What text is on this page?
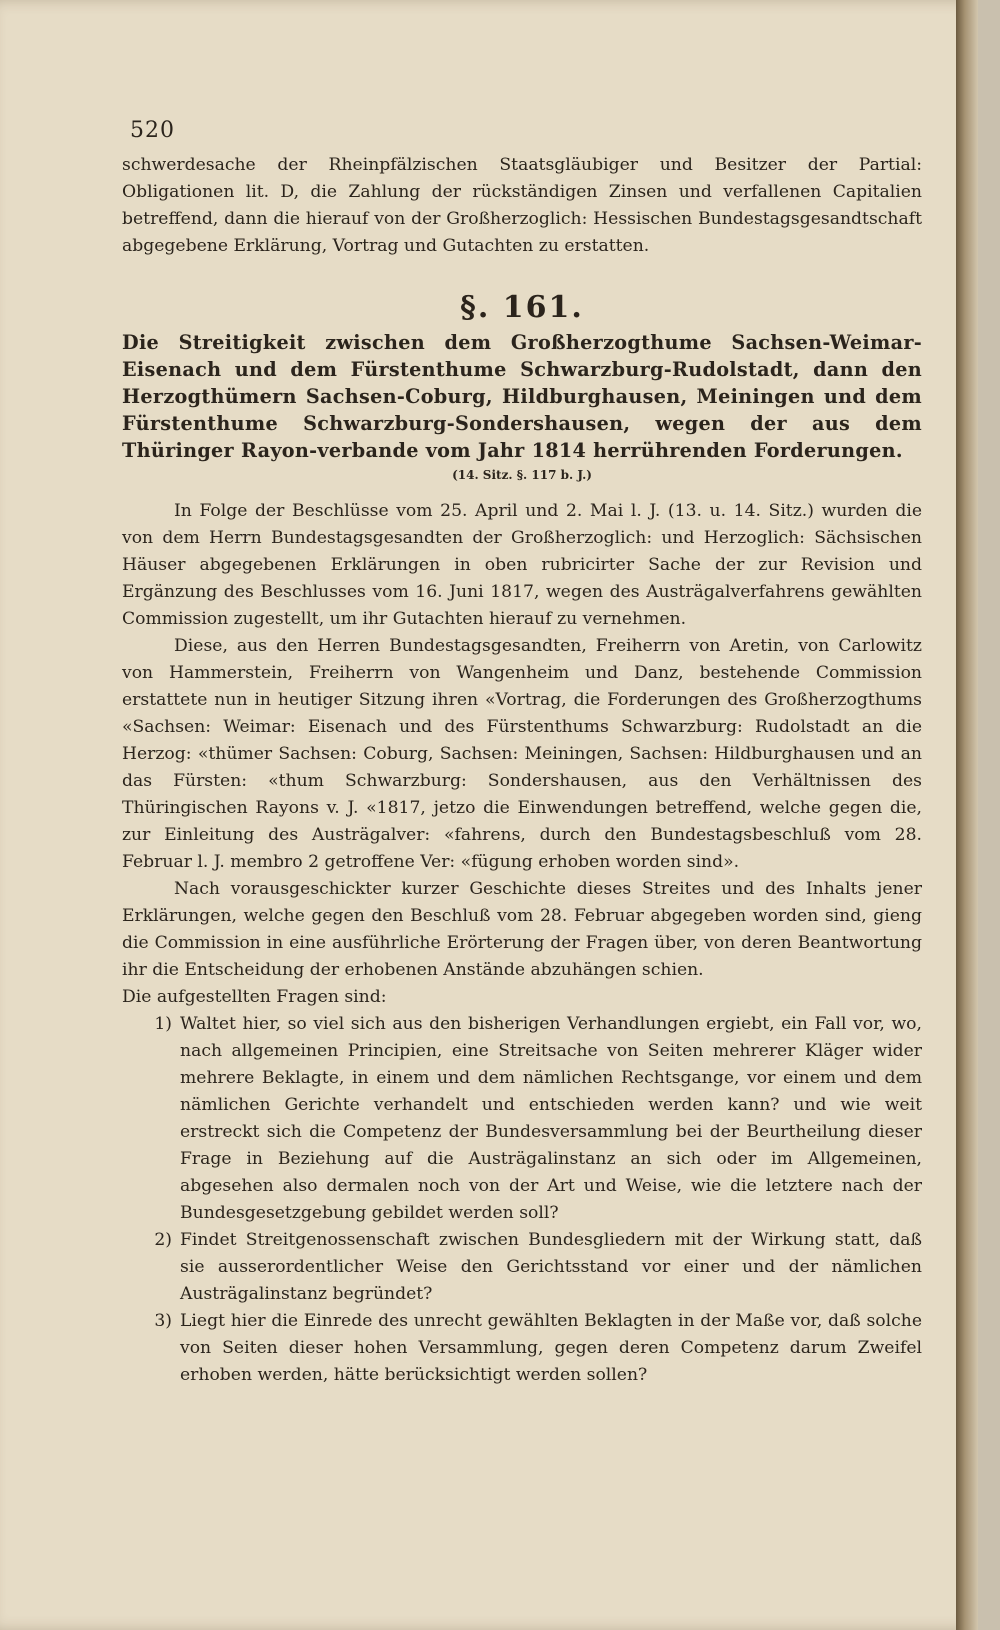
520

schwerdesache der Rheinpfälzischen Staatsgläubiger und Besitzer der Partial: Obligationen lit. D, die Zahlung der rückständigen Zinsen und verfallenen Capitalien betreffend, dann die hierauf von der Großherzoglich: Hessischen Bundestagsgesandtschaft abgegebene Erklärung, Vortrag und Gutachten zu erstatten.

§. 161.

Die Streitigkeit zwischen dem Großherzogthume Sachsen-Weimar-Eisenach und dem Fürstenthume Schwarzburg-Rudolstadt, dann den Herzogthümern Sachsen-Coburg, Hildburghausen, Meiningen und dem Fürstenthume Schwarzburg-Sondershausen, wegen der aus dem Thüringer Rayon-verbande vom Jahr 1814 herrührenden Forderungen.

(14. Sitz. §. 117 b. J.)

In Folge der Beschlüsse vom 25. April und 2. Mai l. J. (13. u. 14. Sitz.) wurden die von dem Herrn Bundestagsgesandten der Großherzoglich: und Herzoglich: Sächsischen Häuser abgegebenen Erklärungen in oben rubricirter Sache der zur Revision und Ergänzung des Beschlusses vom 16. Juni 1817, wegen des Austrägalverfahrens gewählten Commission zugestellt, um ihr Gutachten hierauf zu vernehmen.

Diese, aus den Herren Bundestagsgesandten, Freiherrn von Aretin, von Carlowitz von Hammerstein, Freiherrn von Wangenheim und Danz, bestehende Commission erstattete nun in heutiger Sitzung ihren «Vortrag, die Forderungen des Großherzogthums «Sachsen: Weimar: Eisenach und des Fürstenthums Schwarzburg: Rudolstadt an die Herzog: «thümer Sachsen: Coburg, Sachsen: Meiningen, Sachsen: Hildburghausen und an das Fürsten: «thum Schwarzburg: Sondershausen, aus den Verhältnissen des Thüringischen Rayons v. J. «1817, jetzo die Einwendungen betreffend, welche gegen die, zur Einleitung des Austrägalver: «fahrens, durch den Bundestagsbeschluß vom 28. Februar l. J. membro 2 getroffene Ver: «fügung erhoben worden sind».

Nach vorausgeschickter kurzer Geschichte dieses Streites und des Inhalts jener Erklärungen, welche gegen den Beschluß vom 28. Februar abgegeben worden sind, gieng die Commission in eine ausführliche Erörterung der Fragen über, von deren Beantwortung ihr die Entscheidung der erhobenen Anstände abzuhängen schien.

Die aufgestellten Fragen sind:

1) Waltet hier, so viel sich aus den bisherigen Verhandlungen ergiebt, ein Fall vor, wo, nach allgemeinen Principien, eine Streitsache von Seiten mehrerer Kläger wider mehrere Beklagte, in einem und dem nämlichen Rechtsgange, vor einem und dem nämlichen Gerichte verhandelt und entschieden werden kann? und wie weit erstreckt sich die Competenz der Bundesversammlung bei der Beurtheilung dieser Frage in Beziehung auf die Austrägalinstanz an sich oder im Allgemeinen, abgesehen also dermalen noch von der Art und Weise, wie die letztere nach der Bundesgesetzgebung gebildet werden soll?
2) Findet Streitgenossenschaft zwischen Bundesgliedern mit der Wirkung statt, daß sie ausserordentlicher Weise den Gerichtsstand vor einer und der nämlichen Austrägalinstanz begründet?
3) Liegt hier die Einrede des unrecht gewählten Beklagten in der Maße vor, daß solche von Seiten dieser hohen Versammlung, gegen deren Competenz darum Zweifel erhoben werden, hätte berücksichtigt werden sollen?
